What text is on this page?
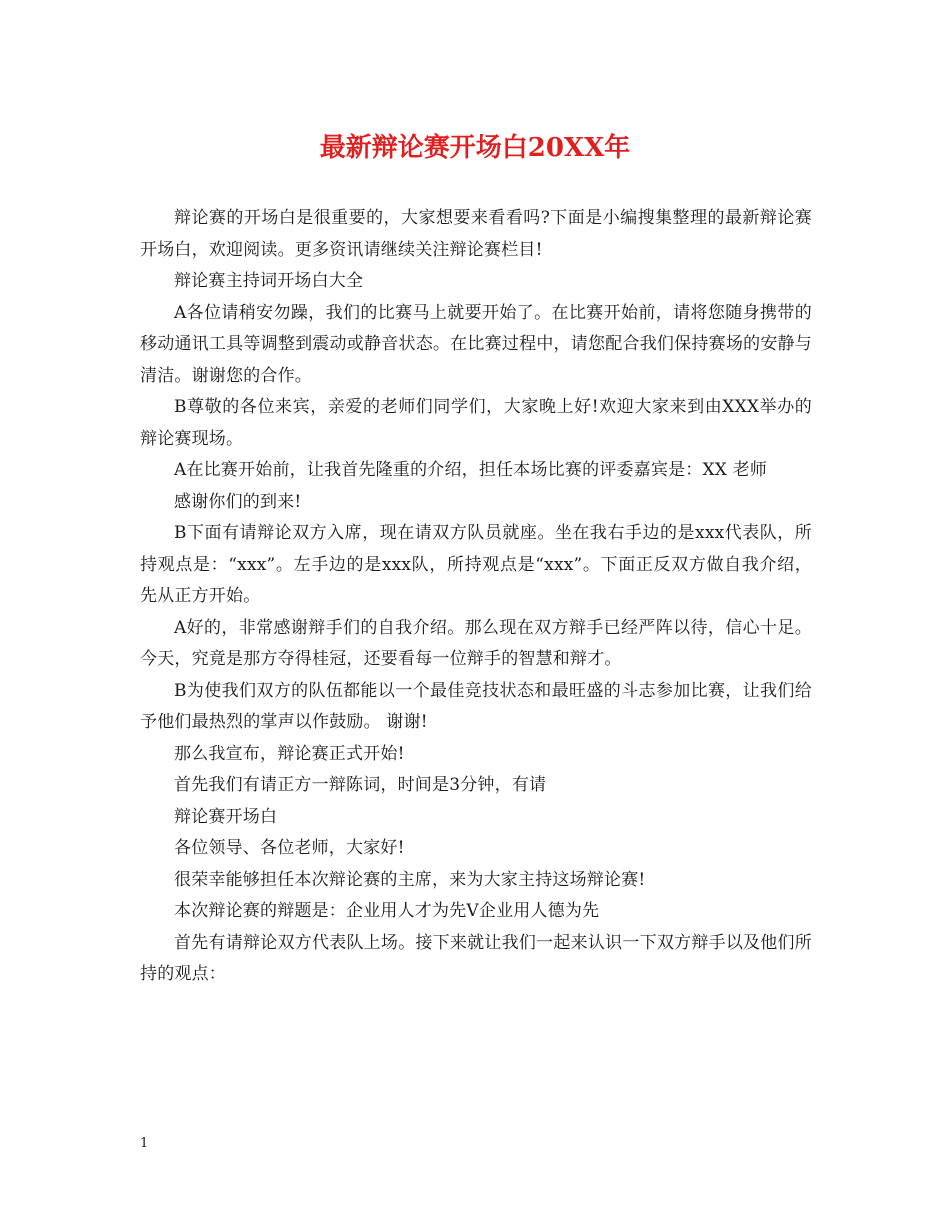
最新辩论赛开场白20XX年

辩论赛的开场白是很重要的，大家想要来看看吗?下面是小编搜集整理的最新辩论赛开场白，欢迎阅读。更多资讯请继续关注辩论赛栏目!

辩论赛主持词开场白大全

A各位请稍安勿躁，我们的比赛马上就要开始了。在比赛开始前，请将您随身携带的移动通讯工具等调整到震动或静音状态。在比赛过程中，请您配合我们保持赛场的安静与清洁。谢谢您的合作。

B尊敬的各位来宾，亲爱的老师们同学们，大家晚上好!欢迎大家来到由XXX举办的辩论赛现场。

A在比赛开始前，让我首先隆重的介绍，担任本场比赛的评委嘉宾是：XX 老师

感谢你们的到来!

B下面有请辩论双方入席，现在请双方队员就座。坐在我右手边的是xxx代表队，所持观点是：“xxx”。左手边的是xxx队，所持观点是“xxx”。下面正反双方做自我介绍，先从正方开始。

A好的，非常感谢辩手们的自我介绍。那么现在双方辩手已经严阵以待，信心十足。今天，究竟是那方夺得桂冠，还要看每一位辩手的智慧和辩才。

B为使我们双方的队伍都能以一个最佳竞技状态和最旺盛的斗志参加比赛，让我们给予他们最热烈的掌声以作鼓励。 谢谢!

那么我宣布，辩论赛正式开始!

首先我们有请正方一辩陈词，时间是3分钟，有请

辩论赛开场白

各位领导、各位老师，大家好!

很荣幸能够担任本次辩论赛的主席，来为大家主持这场辩论赛!

本次辩论赛的辩题是：企业用人才为先V企业用人德为先

首先有请辩论双方代表队上场。接下来就让我们一起来认识一下双方辩手以及他们所持的观点：

1
